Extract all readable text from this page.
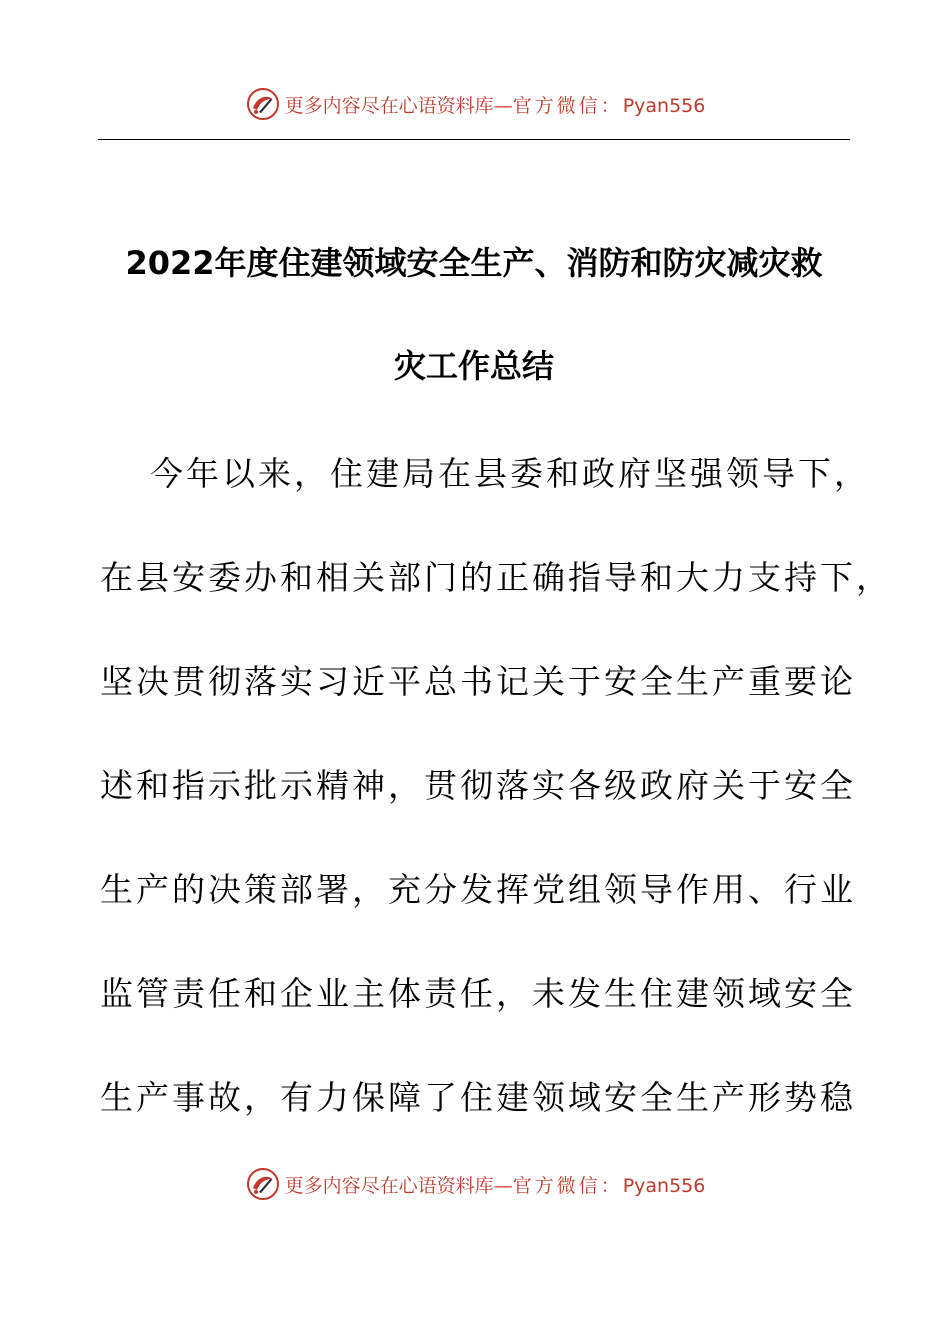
更多内容尽在心语资料库—官方微信：Pyan556
2022年度住建领域安全生产、消防和防灾减灾救
灾工作总结
今年以来，住建局在县委和政府坚强领导下，
在县安委办和相关部门的正确指导和大力支持下，
坚决贯彻落实习近平总书记关于安全生产重要论
述和指示批示精神，贯彻落实各级政府关于安全
生产的决策部署，充分发挥党组领导作用、行业
监管责任和企业主体责任，未发生住建领域安全
生产事故，有力保障了住建领域安全生产形势稳
更多内容尽在心语资料库—官方微信：Pyan556
